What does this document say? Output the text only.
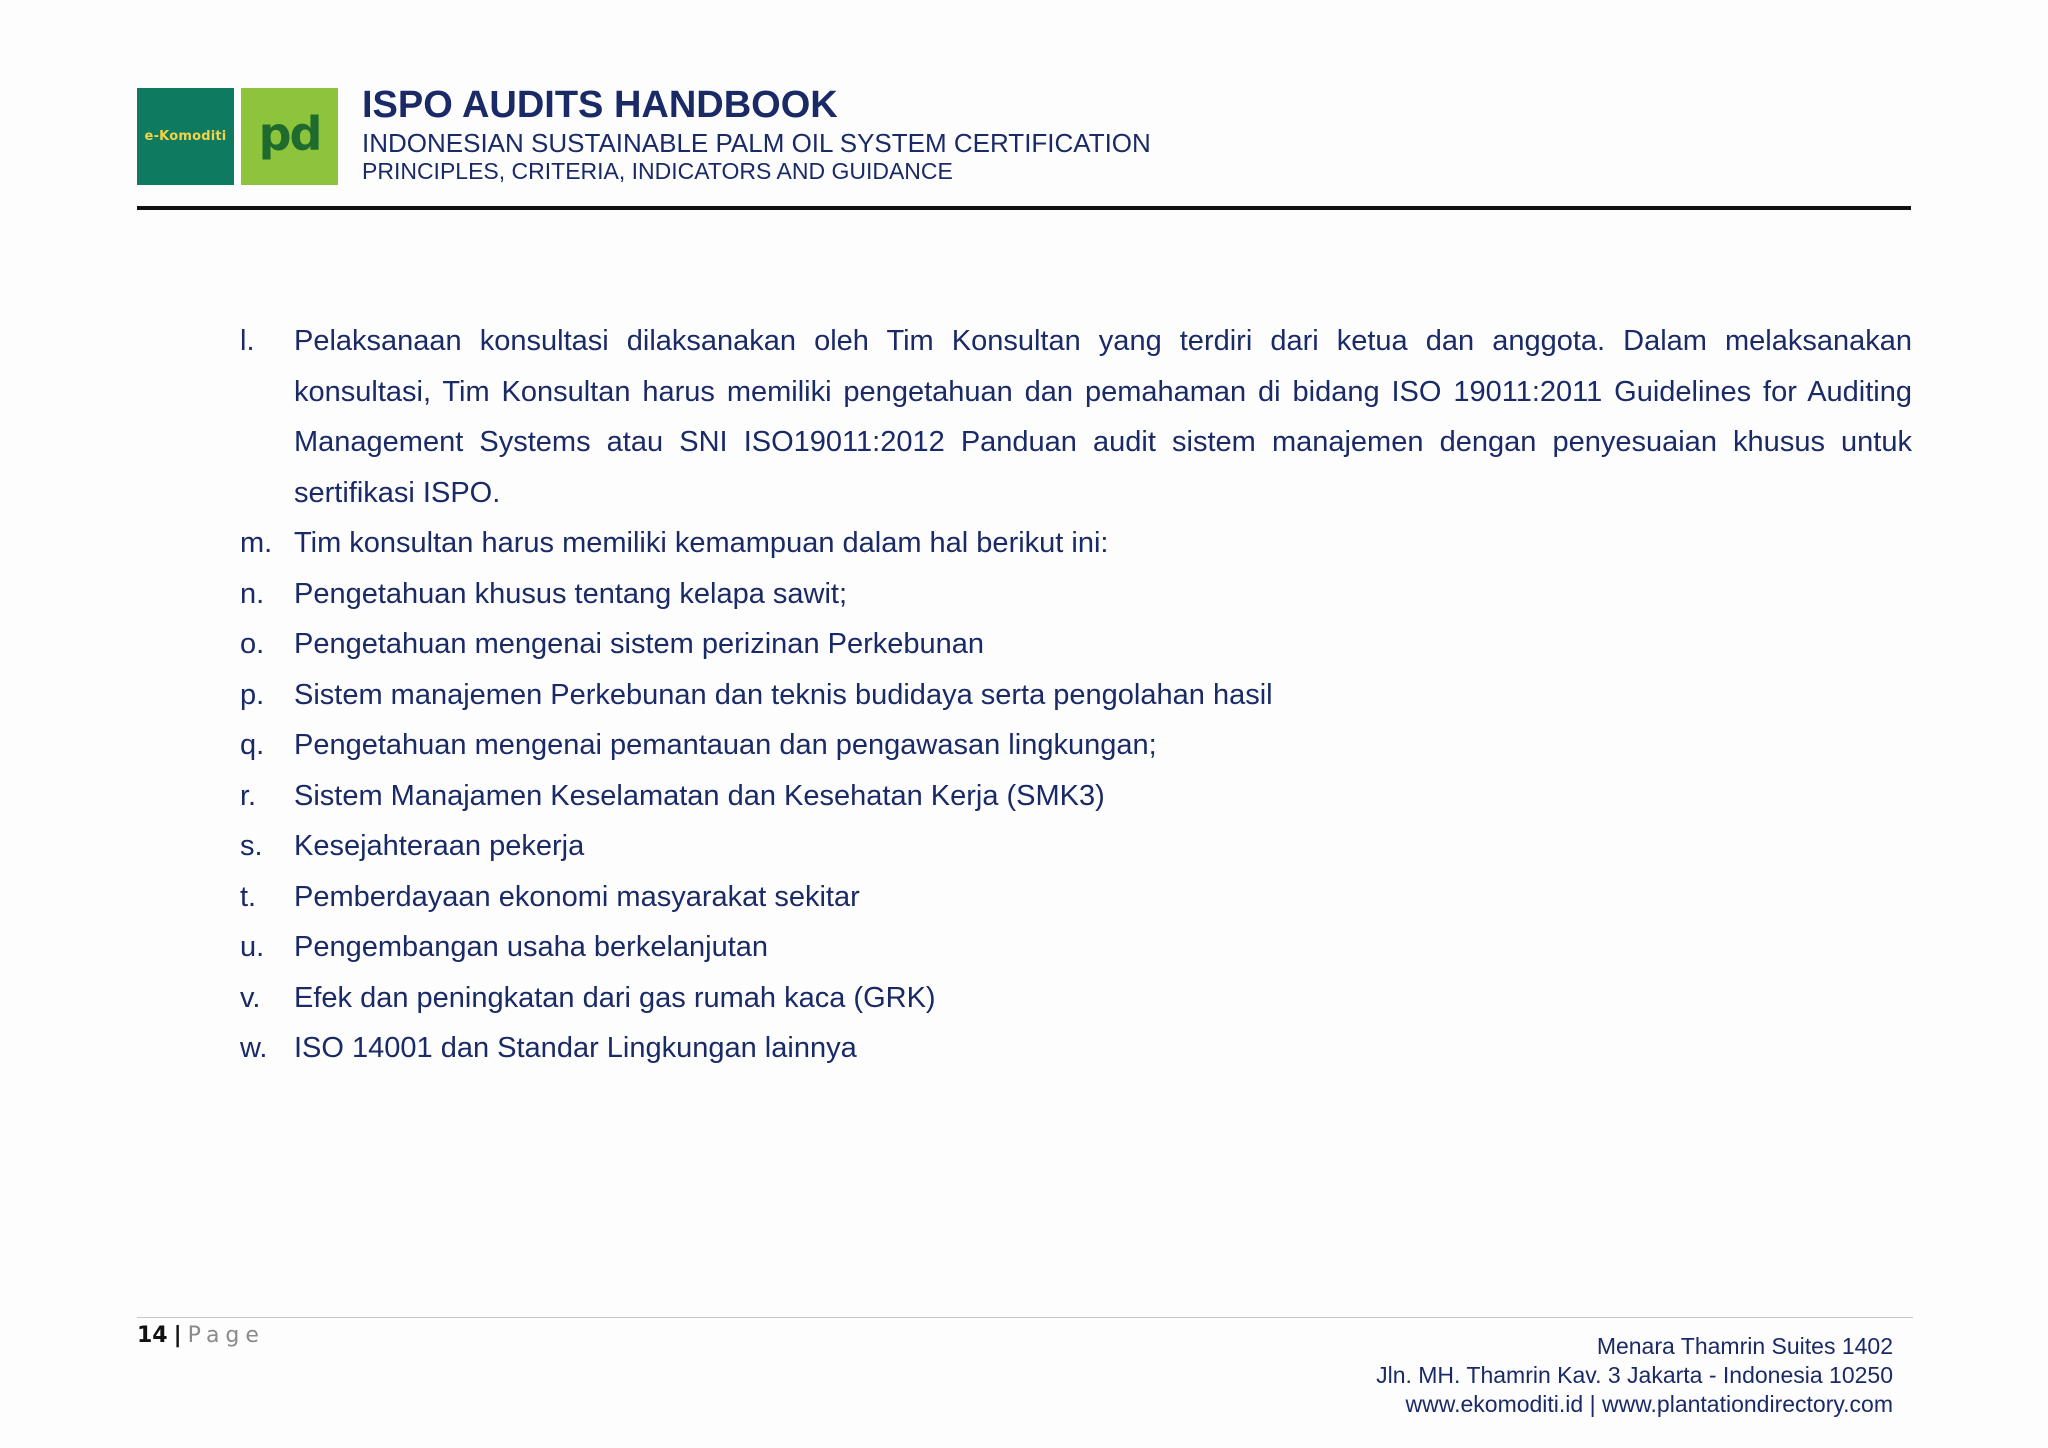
e-Komoditi pd
ISPO AUDITS HANDBOOK
INDONESIAN SUSTAINABLE PALM OIL SYSTEM CERTIFICATION
PRINCIPLES, CRITERIA, INDICATORS AND GUIDANCE
l. Pelaksanaan konsultasi dilaksanakan oleh Tim Konsultan yang terdiri dari ketua dan anggota. Dalam melaksanakan konsultasi, Tim Konsultan harus memiliki pengetahuan dan pemahaman di bidang ISO 19011:2011 Guidelines for Auditing Management Systems atau SNI ISO19011:2012 Panduan audit sistem manajemen dengan penyesuaian khusus untuk sertifikasi ISPO.
m. Tim konsultan harus memiliki kemampuan dalam hal berikut ini:
n. Pengetahuan khusus tentang kelapa sawit;
o. Pengetahuan mengenai sistem perizinan Perkebunan
p. Sistem manajemen Perkebunan dan teknis budidaya serta pengolahan hasil
q. Pengetahuan mengenai pemantauan dan pengawasan lingkungan;
r. Sistem Manajamen Keselamatan dan Kesehatan Kerja (SMK3)
s. Kesejahteraan pekerja
t. Pemberdayaan ekonomi masyarakat sekitar
u. Pengembangan usaha berkelanjutan
v. Efek dan peningkatan dari gas rumah kaca (GRK)
w. ISO 14001 dan Standar Lingkungan lainnya
14 | Page	Menara Thamrin Suites 1402
Jln. MH. Thamrin Kav. 3 Jakarta - Indonesia 10250
www.ekomoditi.id | www.plantationdirectory.com
